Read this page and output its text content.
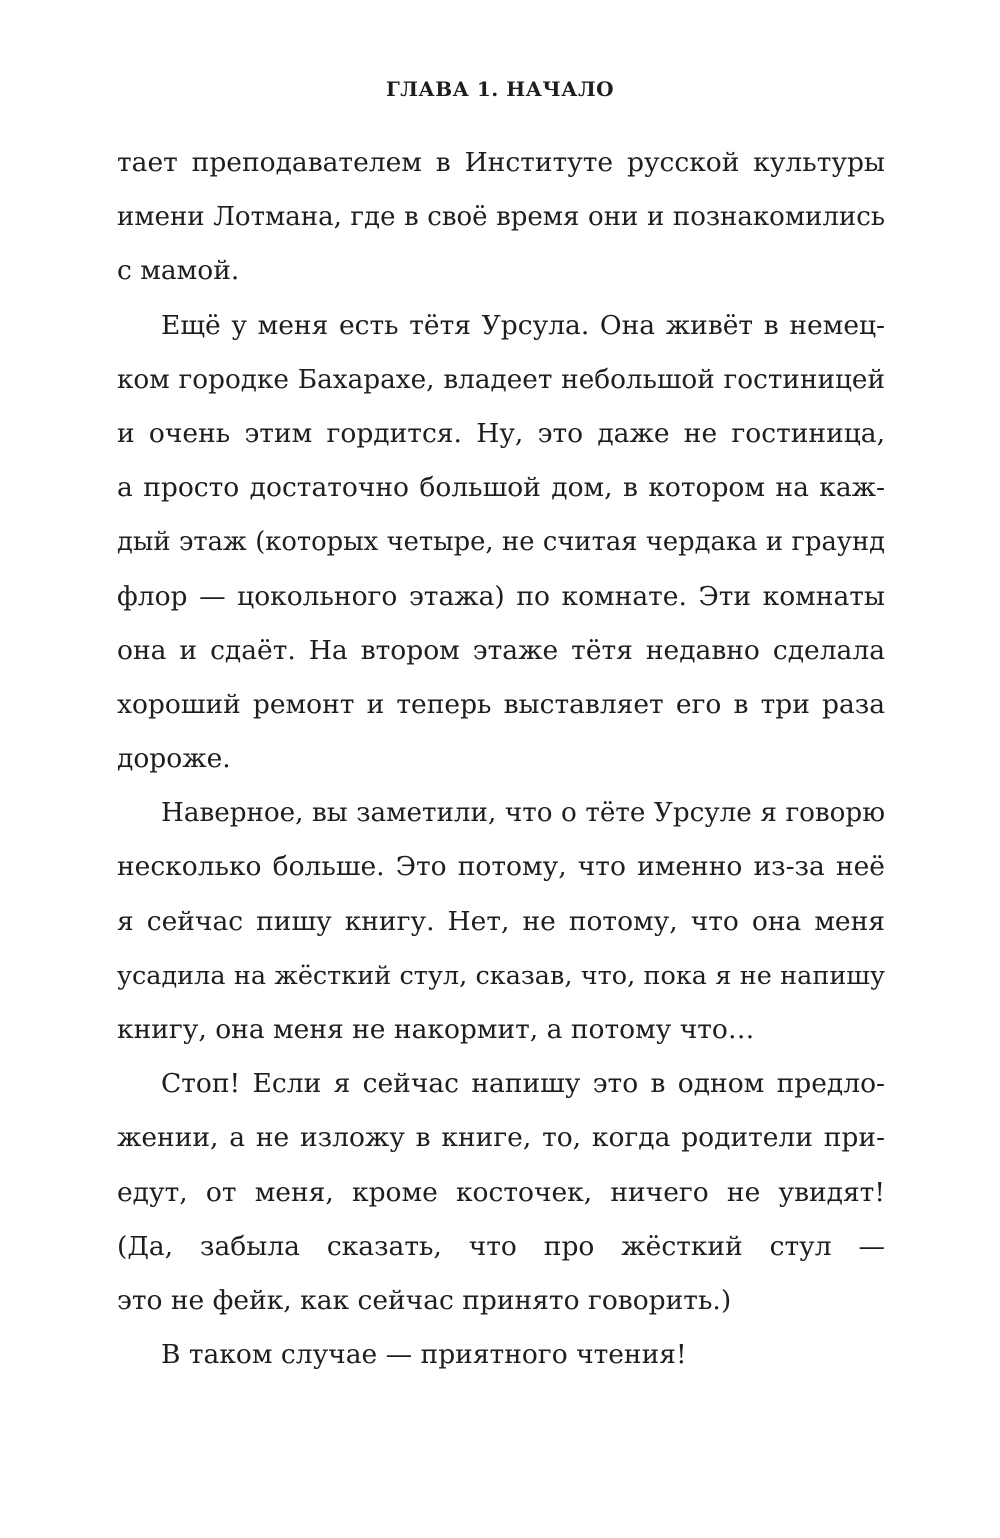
ГЛАВА 1. НАЧАЛО
тает преподавателем в Институте русской культуры
имени Лотмана, где в своё время они и познакомились
с мамой.
Ещё у меня есть тётя Урсула. Она живёт в немец-
ком городке Бахарахе, владеет небольшой гостиницей
и очень этим гордится. Ну, это даже не гостиница,
а просто достаточно большой дом, в котором на каж-
дый этаж (которых четыре, не считая чердака и граунд
флор — цокольного этажа) по комнате. Эти комнаты
она и сдаёт. На втором этаже тётя недавно сделала
хороший ремонт и теперь выставляет его в три раза
дороже.
Наверное, вы заметили, что о тёте Урсуле я говорю
несколько больше. Это потому, что именно из-за неё
я сейчас пишу книгу. Нет, не потому, что она меня
усадила на жёсткий стул, сказав, что, пока я не напишу
книгу, она меня не накормит, а потому что…
Стоп! Если я сейчас напишу это в одном предло-
жении, а не изложу в книге, то, когда родители при-
едут, от меня, кроме косточек, ничего не увидят!
(Да, забыла сказать, что про жёсткий стул —
это не фейк, как сейчас принято говорить.)
В таком случае — приятного чтения!
